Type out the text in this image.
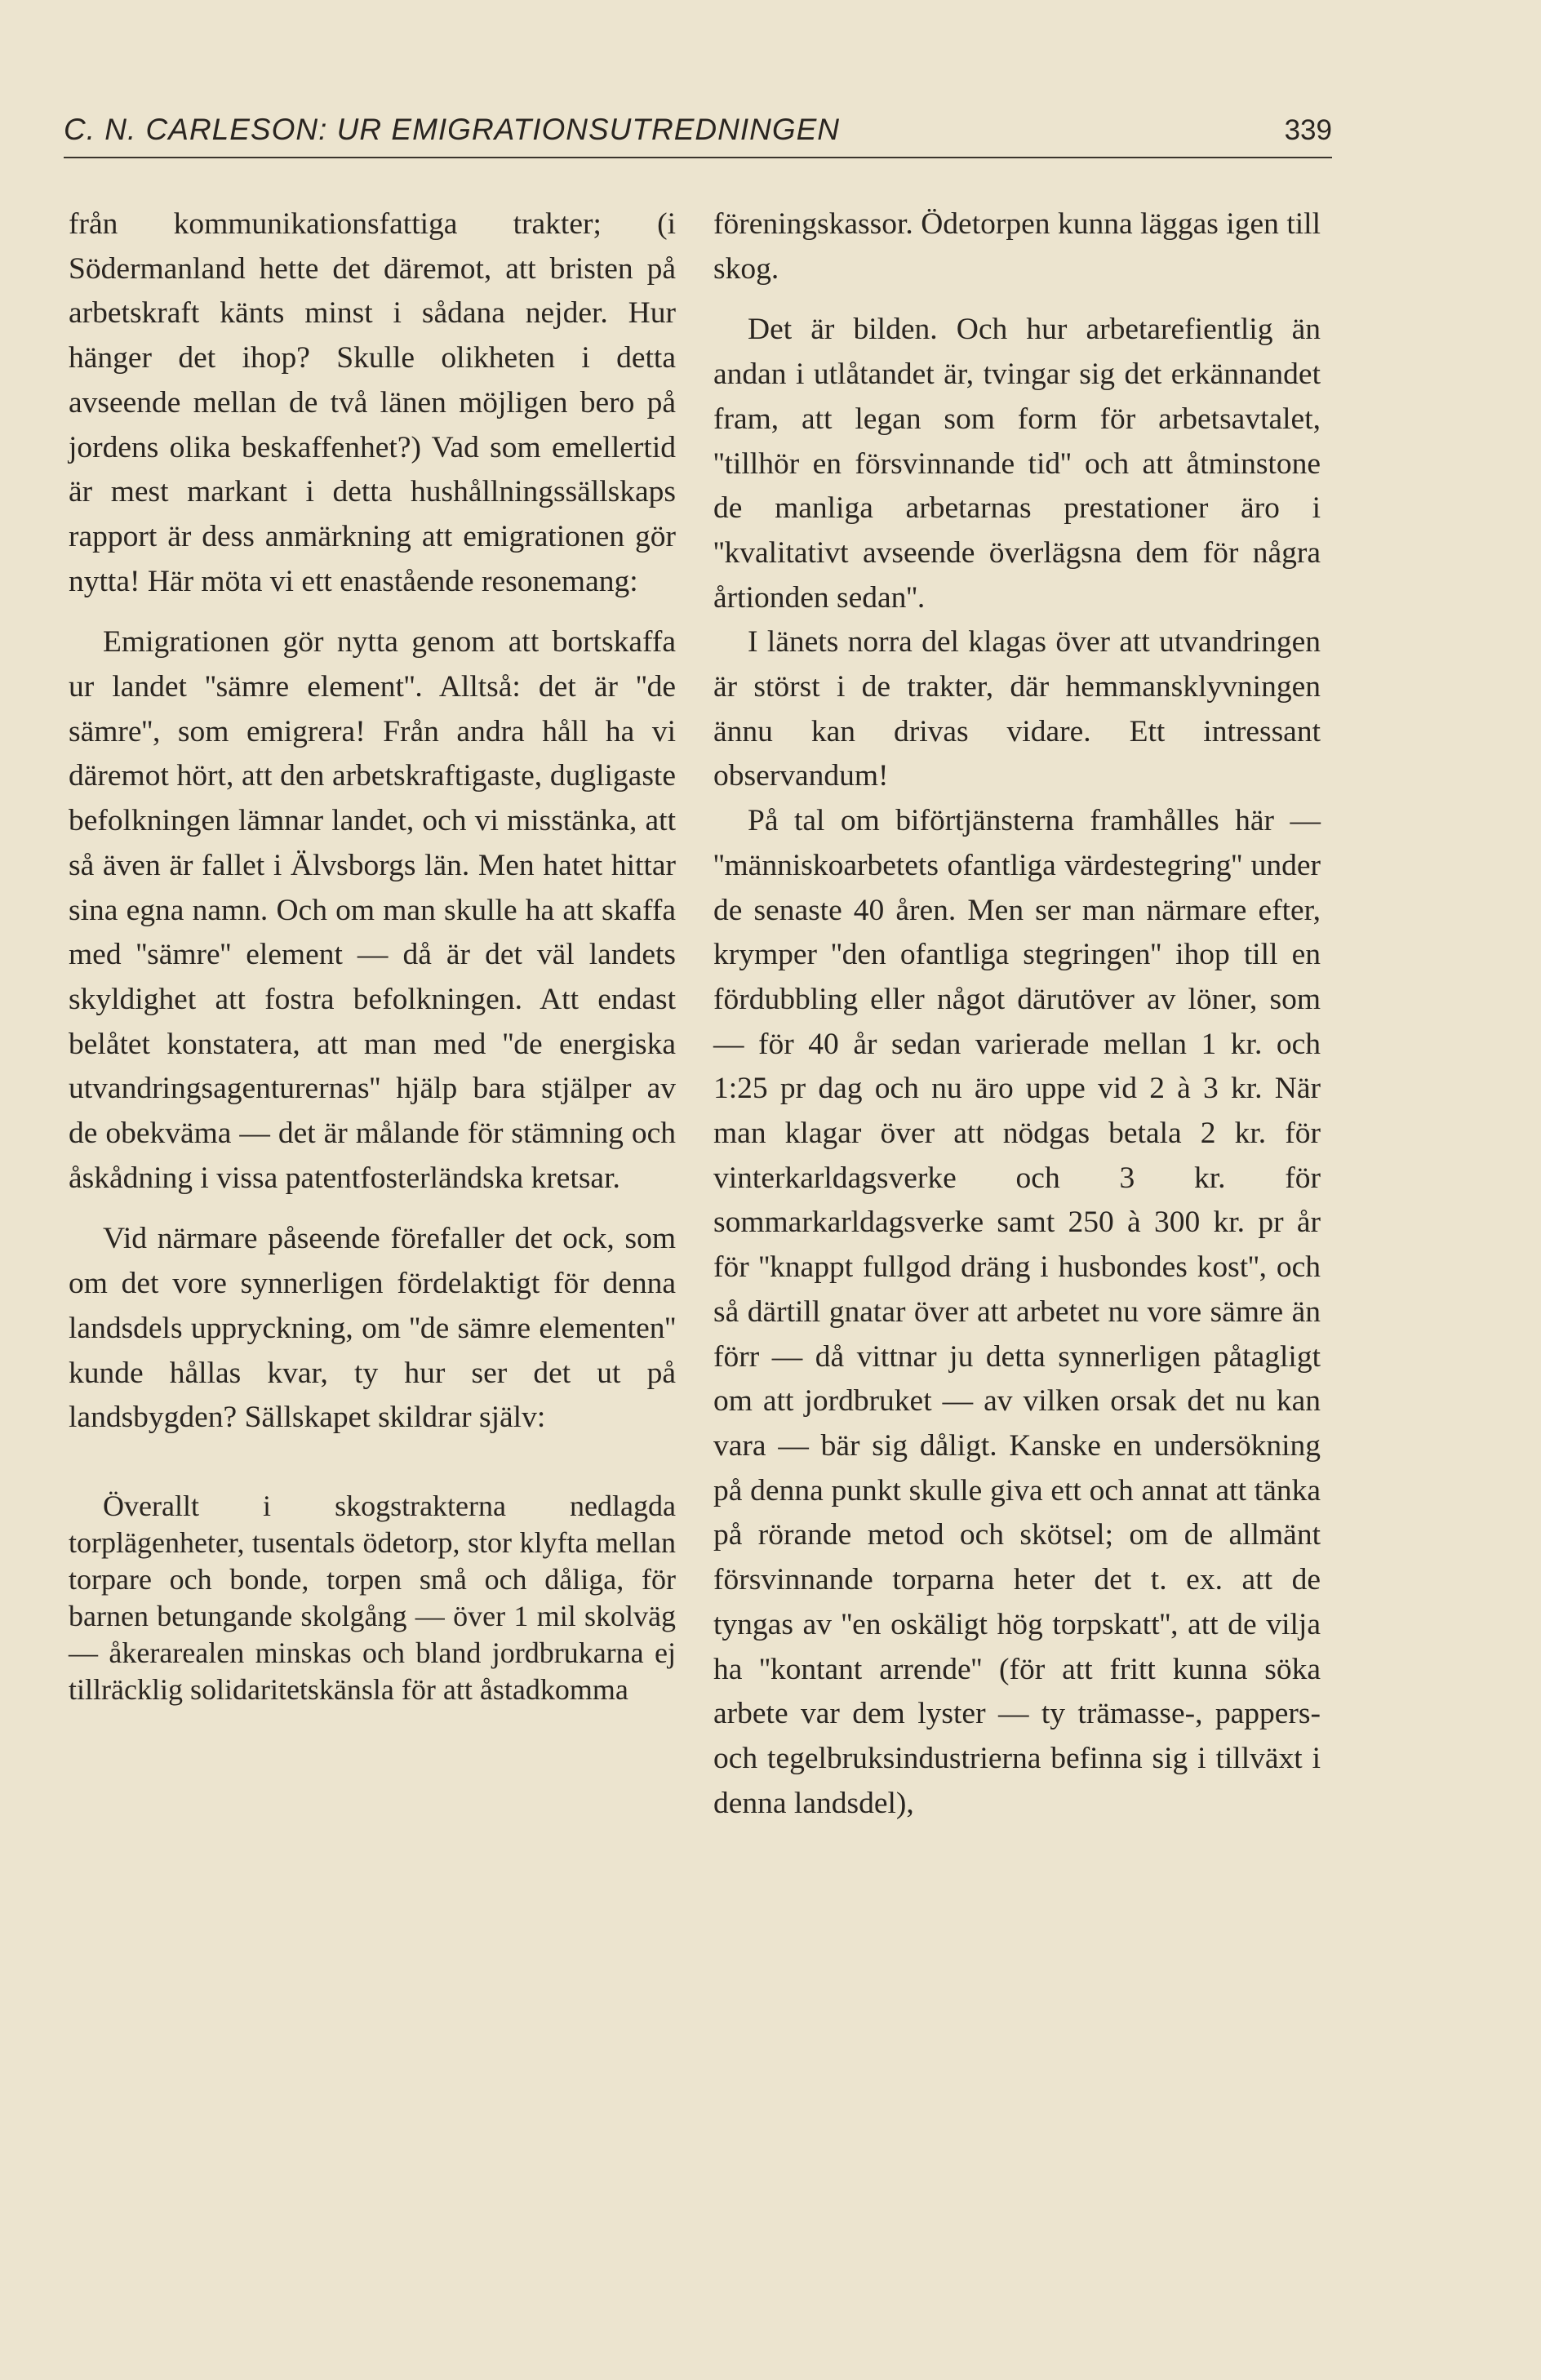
C. N. CARLESON: UR EMIGRATIONSUTREDNINGEN	339

från kommunikationsfattiga trakter; (i Södermanland hette det däremot, att bristen på arbetskraft känts minst i sådana nejder. Hur hänger det ihop? Skulle olikheten i detta avseende mellan de två länen möjligen bero på jordens olika beskaffenhet?) Vad som emellertid är mest markant i detta hushållningssällskaps rapport är dess anmärkning att emigrationen gör nytta! Här möta vi ett enastående resonemang:

Emigrationen gör nytta genom att bortskaffa ur landet ''sämre element''. Alltså: det är ''de sämre'', som emigrera! Från andra håll ha vi däremot hört, att den arbetskraftigaste, dugligaste befolkningen lämnar landet, och vi misstänka, att så även är fallet i Älvsborgs län. Men hatet hittar sina egna namn. Och om man skulle ha att skaffa med ''sämre'' element — då är det väl landets skyldighet att fostra befolkningen. Att endast belåtet konstatera, att man med ''de energiska utvandringsagenturernas'' hjälp bara stjälper av de obekväma — det är målande för stämning och åskådning i vissa patentfosterländska kretsar.

Vid närmare påseende förefaller det ock, som om det vore synnerligen fördelaktigt för denna landsdels uppryckning, om ''de sämre elementen'' kunde hållas kvar, ty hur ser det ut på landsbygden? Sällskapet skildrar själv:

Överallt i skogstrakterna nedlagda torplägenheter, tusentals ödetorp, stor klyfta mellan torpare och bonde, torpen små och dåliga, för barnen betungande skolgång — över 1 mil skolväg — åkerarealen minskas och bland jordbrukarna ej tillräcklig solidaritetskänsla för att åstadkomma

föreningskassor. Ödetorpen kunna läggas igen till skog.

Det är bilden. Och hur arbetarefientlig än andan i utlåtandet är, tvingar sig det erkännandet fram, att legan som form för arbetsavtalet, ''tillhör en försvinnande tid'' och att åtminstone de manliga arbetarnas prestationer äro i ''kvalitativt avseende överlägsna dem för några årtionden sedan''.

I länets norra del klagas över att utvandringen är störst i de trakter, där hemmansklyvningen ännu kan drivas vidare. Ett intressant observandum!

På tal om biförtjänsterna framhålles här — ''människoarbetets ofantliga värdestegring'' under de senaste 40 åren. Men ser man närmare efter, krymper ''den ofantliga stegringen'' ihop till en fördubbling eller något därutöver av löner, som — för 40 år sedan varierade mellan 1 kr. och 1:25 pr dag och nu äro uppe vid 2 à 3 kr. När man klagar över att nödgas betala 2 kr. för vinterkarldagsverke och 3 kr. för sommarkarldagsverke samt 250 à 300 kr. pr år för ''knappt fullgod dräng i husbondes kost'', och så därtill gnatar över att arbetet nu vore sämre än förr — då vittnar ju detta synnerligen påtagligt om att jordbruket — av vilken orsak det nu kan vara — bär sig dåligt. Kanske en undersökning på denna punkt skulle giva ett och annat att tänka på rörande metod och skötsel; om de allmänt försvinnande torparna heter det t. ex. att de tyngas av ''en oskäligt hög torpskatt'', att de vilja ha ''kontant arrende'' (för att fritt kunna söka arbete var dem lyster — ty trämasse-, pappers- och tegelbruksindustrierna befinna sig i tillväxt i denna landsdel),
